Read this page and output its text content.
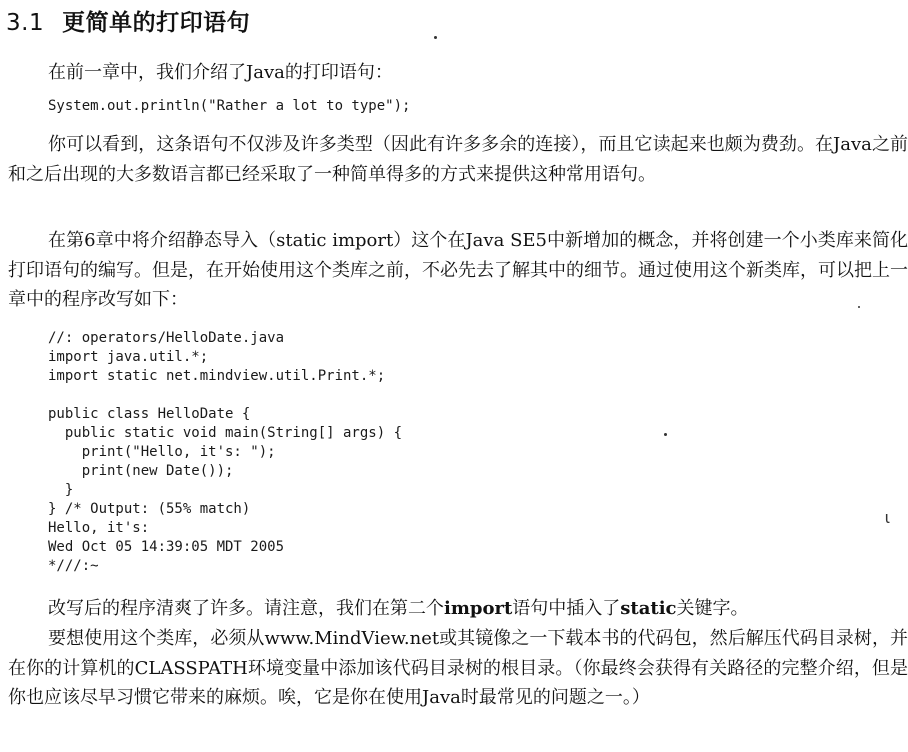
3.1 更简单的打印语句

在前一章中，我们介绍了Java的打印语句：

System.out.println("Rather a lot to type");

你可以看到，这条语句不仅涉及许多类型（因此有许多多余的连接），而且它读起来也颇为费劲。在Java之前和之后出现的大多数语言都已经采取了一种简单得多的方式来提供这种常用语句。

在第6章中将介绍静态导入（static import）这个在Java SE5中新增加的概念，并将创建一个小类库来简化打印语句的编写。但是，在开始使用这个类库之前，不必先去了解其中的细节。通过使用这个新类库，可以把上一章中的程序改写如下：

//: operators/HelloDate.java
import java.util.*;
import static net.mindview.util.Print.*;

public class HelloDate {
public static void main(String[] args) {
print("Hello, it's: ");
print(new Date());
}
} /* Output: (55% match)
Hello, it's:
Wed Oct 05 14:39:05 MDT 2005
*///:~

改写后的程序清爽了许多。请注意，我们在第二个import语句中插入了static关键字。

要想使用这个类库，必须从www.MindView.net或其镜像之一下载本书的代码包，然后解压代码目录树，并在你的计算机的CLASSPATH环境变量中添加该代码目录树的根目录。（你最终会获得有关路径的完整介绍，但是你也应该尽早习惯它带来的麻烦。唉，它是你在使用Java时最常见的问题之一。）

ι
